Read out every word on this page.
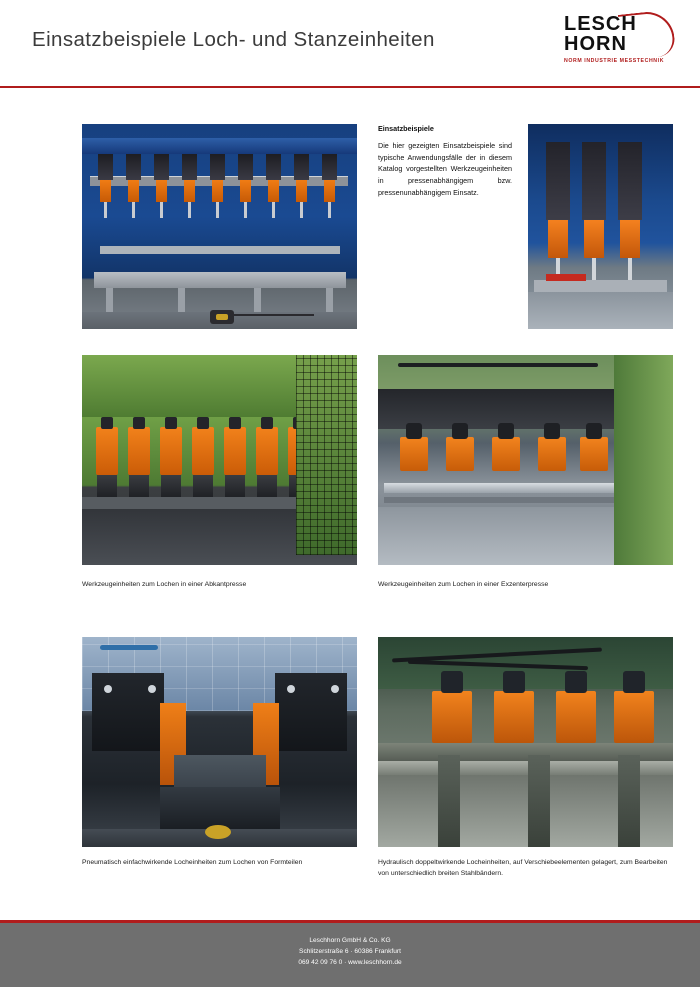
Einsatzbeispiele Loch- und Stanzeinheiten
LESCH
HORN
NORM INDUSTRIE MESSTECHNIK

Einsatzbeispiele

Die hier gezeigten Einsatzbeispiele sind typische Anwendungsfälle der in diesem Katalog vorgestellten Werkzeugeinheiten in pressenabhängigem bzw. pressenunabhängigem Einsatz.

Werkzeugeinheiten zum Lochen in einer Abkantpresse	Werkzeugeinheiten zum Lochen in einer Exzenterpresse
Pneumatisch einfachwirkende Locheinheiten zum Lochen von Formteilen	Hydraulisch doppeltwirkende Locheinheiten, auf Verschiebeelementen gelagert, zum Bearbeiten von unterschiedlich breiten Stahlbändern.
Leschhorn GmbH & Co. KG
Schlitzerstraße 6 · 60386 Frankfurt
069 42 09 76 0 · www.leschhorn.de
